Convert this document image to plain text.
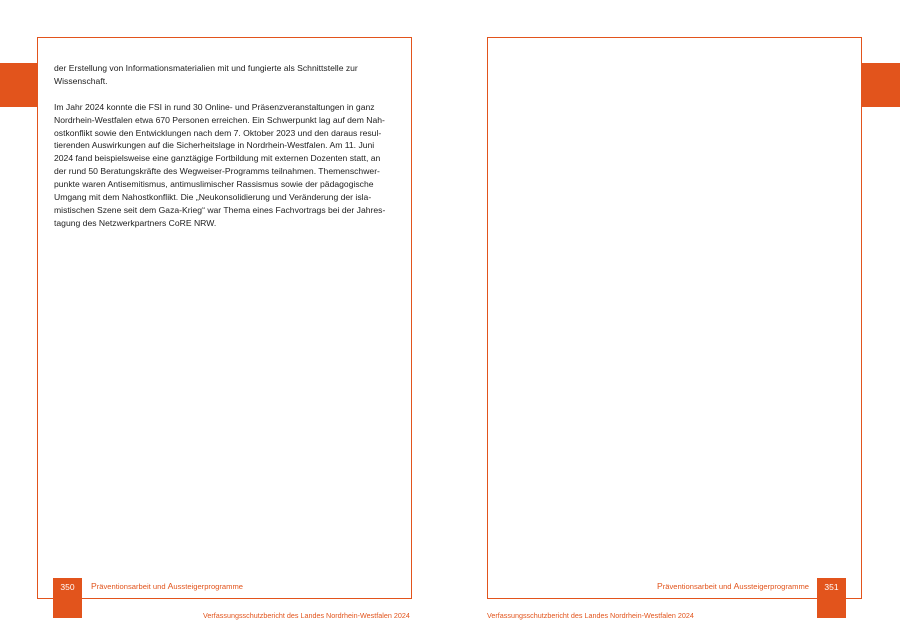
der Erstellung von Informationsmaterialien mit und fungierte als Schnittstelle zur
Wissenschaft.

Im Jahr 2024 konnte die FSI in rund 30 Online- und Präsenzveranstaltungen in ganz
Nordrhein-Westfalen etwa 670 Personen erreichen. Ein Schwerpunkt lag auf dem Nah-
ostkonflikt sowie den Entwicklungen nach dem 7. Oktober 2023 und den daraus resul-
tierenden Auswirkungen auf die Sicherheitslage in Nordrhein-Westfalen. Am 11. Juni
2024 fand beispielsweise eine ganztägige Fortbildung mit externen Dozenten statt, an
der rund 50 Beratungskräfte des Wegweiser-Programms teilnahmen. Themenschwer-
punkte waren Antisemitismus, antimuslimischer Rassismus sowie der pädagogische
Umgang mit dem Nahostkonflikt. Die „Neukonsolidierung und Veränderung der isla-
mistischen Szene seit dem Gaza-Krieg“ war Thema eines Fachvortrags bei der Jahres-
tagung des Netzwerkpartners CoRE NRW.

350	Präventionsarbeit und Aussteigerprogramme
Verfassungsschutzbericht des Landes Nordrhein-Westfalen 2024
351
Präventionsarbeit und Aussteigerprogramme
Verfassungsschutzbericht des Landes Nordrhein-Westfalen 2024
